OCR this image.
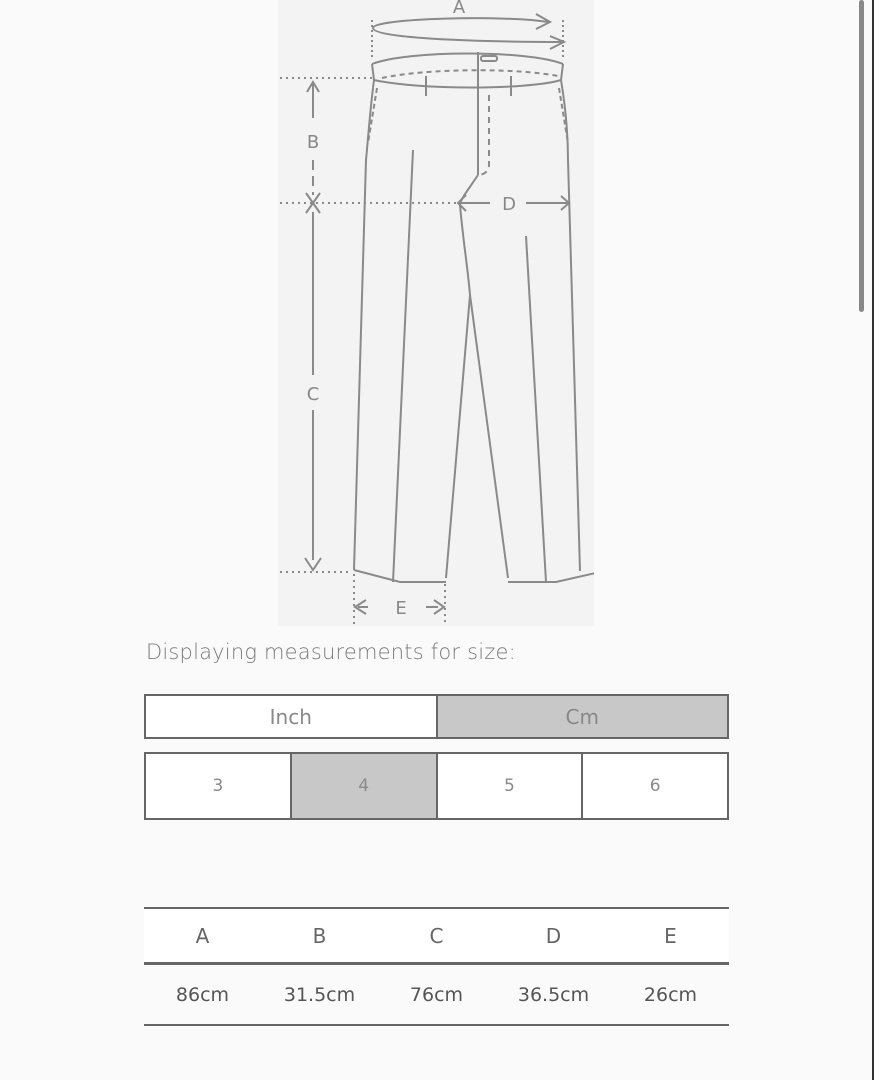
A
B
C
D
E
Displaying measurements for size:
Inch	Cm
3	4	5	6
A	B	C	D	E
86cm	31.5cm	76cm	36.5cm	26cm
